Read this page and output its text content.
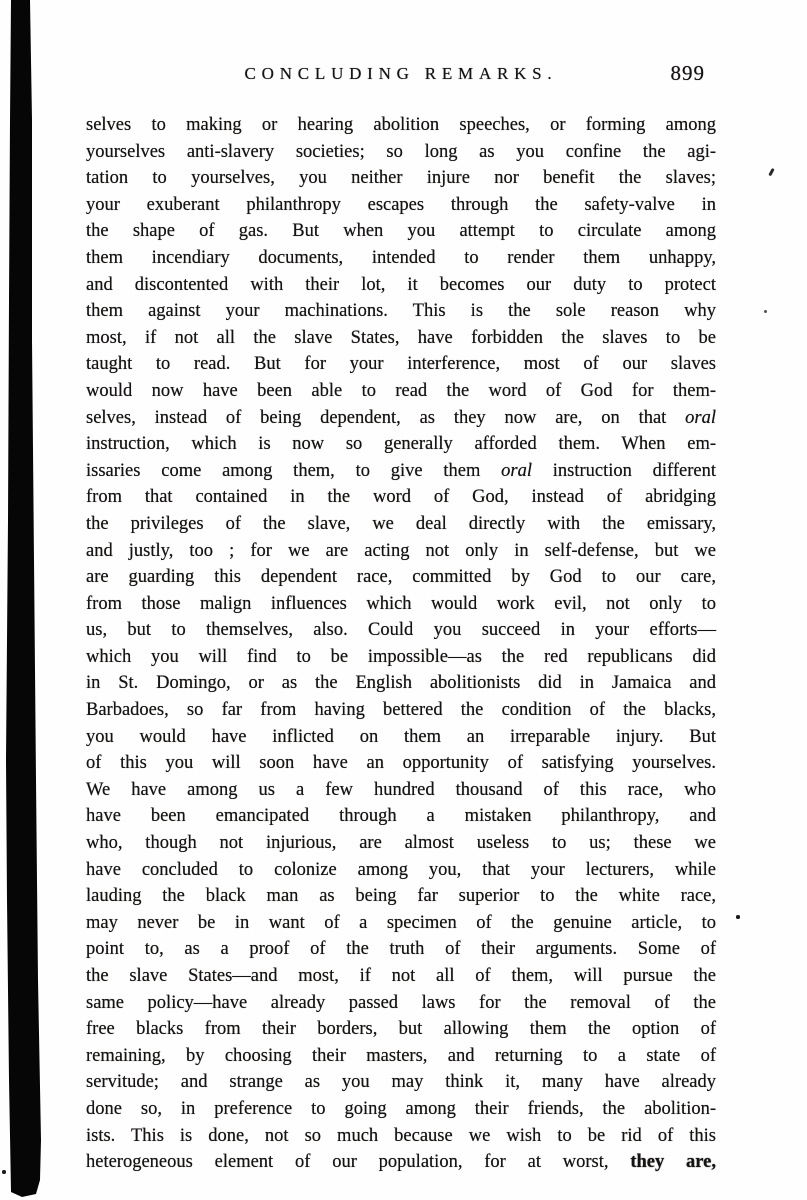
CONCLUDING REMARKS.	899
selves to making or hearing abolition speeches, or forming among
yourselves anti-slavery societies; so long as you confine the agi-
tation to yourselves, you neither injure nor benefit the slaves;
your exuberant philanthropy escapes through the safety-valve in
the shape of gas. But when you attempt to circulate among
them incendiary documents, intended to render them unhappy,
and discontented with their lot, it becomes our duty to protect
them against your machinations. This is the sole reason why
most, if not all the slave States, have forbidden the slaves to be
taught to read. But for your interference, most of our slaves
would now have been able to read the word of God for them-
selves, instead of being dependent, as they now are, on that oral
instruction, which is now so generally afforded them. When em-
issaries come among them, to give them oral instruction different
from that contained in the word of God, instead of abridging
the privileges of the slave, we deal directly with the emissary,
and justly, too ; for we are acting not only in self-defense, but we
are guarding this dependent race, committed by God to our care,
from those malign influences which would work evil, not only to
us, but to themselves, also. Could you succeed in your efforts—
which you will find to be impossible—as the red republicans did
in St. Domingo, or as the English abolitionists did in Jamaica and
Barbadoes, so far from having bettered the condition of the blacks,
you would have inflicted on them an irreparable injury. But
of this you will soon have an opportunity of satisfying yourselves.
We have among us a few hundred thousand of this race, who
have been emancipated through a mistaken philanthropy, and
who, though not injurious, are almost useless to us; these we
have concluded to colonize among you, that your lecturers, while
lauding the black man as being far superior to the white race,
may never be in want of a specimen of the genuine article, to
point to, as a proof of the truth of their arguments. Some of
the slave States—and most, if not all of them, will pursue the
same policy—have already passed laws for the removal of the
free blacks from their borders, but allowing them the option of
remaining, by choosing their masters, and returning to a state of
servitude; and strange as you may think it, many have already
done so, in preference to going among their friends, the abolition-
ists. This is done, not so much because we wish to be rid of this
heterogeneous element of our population, for at worst, they are,
